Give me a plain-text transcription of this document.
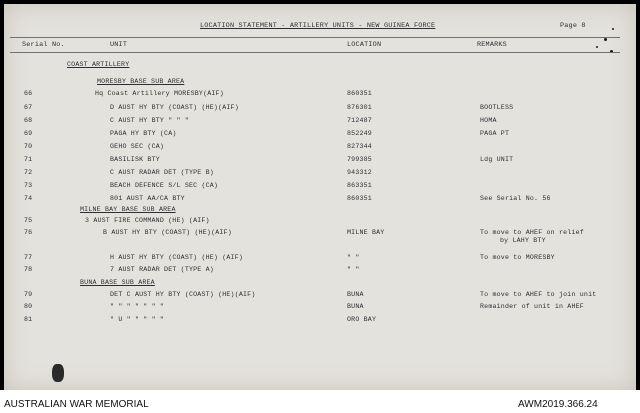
LOCATION STATEMENT - ARTILLERY UNITS - NEW GUINEA FORCE	Page 8
Serial No.	UNIT	LOCATION	REMARKS
COAST ARTILLERY
MORESBY BASE SUB AREA
MILNE BAY BASE SUB AREA
BUNA BASE SUB AREA
66	Hq Coast Artillery MORESBY(AIF)	860351
67	D AUST HY BTY (COAST) (HE)(AIF)	876301	BOOTLESS
68	C AUST HY BTY " " "	712487	HOMA
69	PAGA HY BTY (CA)	852249	PAGA PT
70	GEHO SEC (CA)	827344
71	BASILISK BTY	799385	Ldg UNIT
72	C AUST RADAR DET (TYPE B)	943312
73	BEACH DEFENCE S/L SEC (CA)	863351
74	801 AUST AA/CA BTY	860351	See Serial No. 56
75	3 AUST FIRE COMMAND (HE) (AIF)
76	B AUST HY BTY (COAST) (HE)(AIF)	MILNE BAY	To move to AHEF on relief
by LAHY BTY
77	H AUST HY BTY (COAST) (HE) (AIF)	" "	To move to MORESBY
78	7 AUST RADAR DET (TYPE A)	" "
79	DET C AUST HY BTY (COAST) (HE)(AIF)	BUNA	To move to AHEF to join unit
80	" " " " " " "	BUNA	Remainder of unit in AHEF
81	" U " " " " "	ORO BAY
AUSTRALIAN WAR MEMORIAL	AWM2019.366.24
